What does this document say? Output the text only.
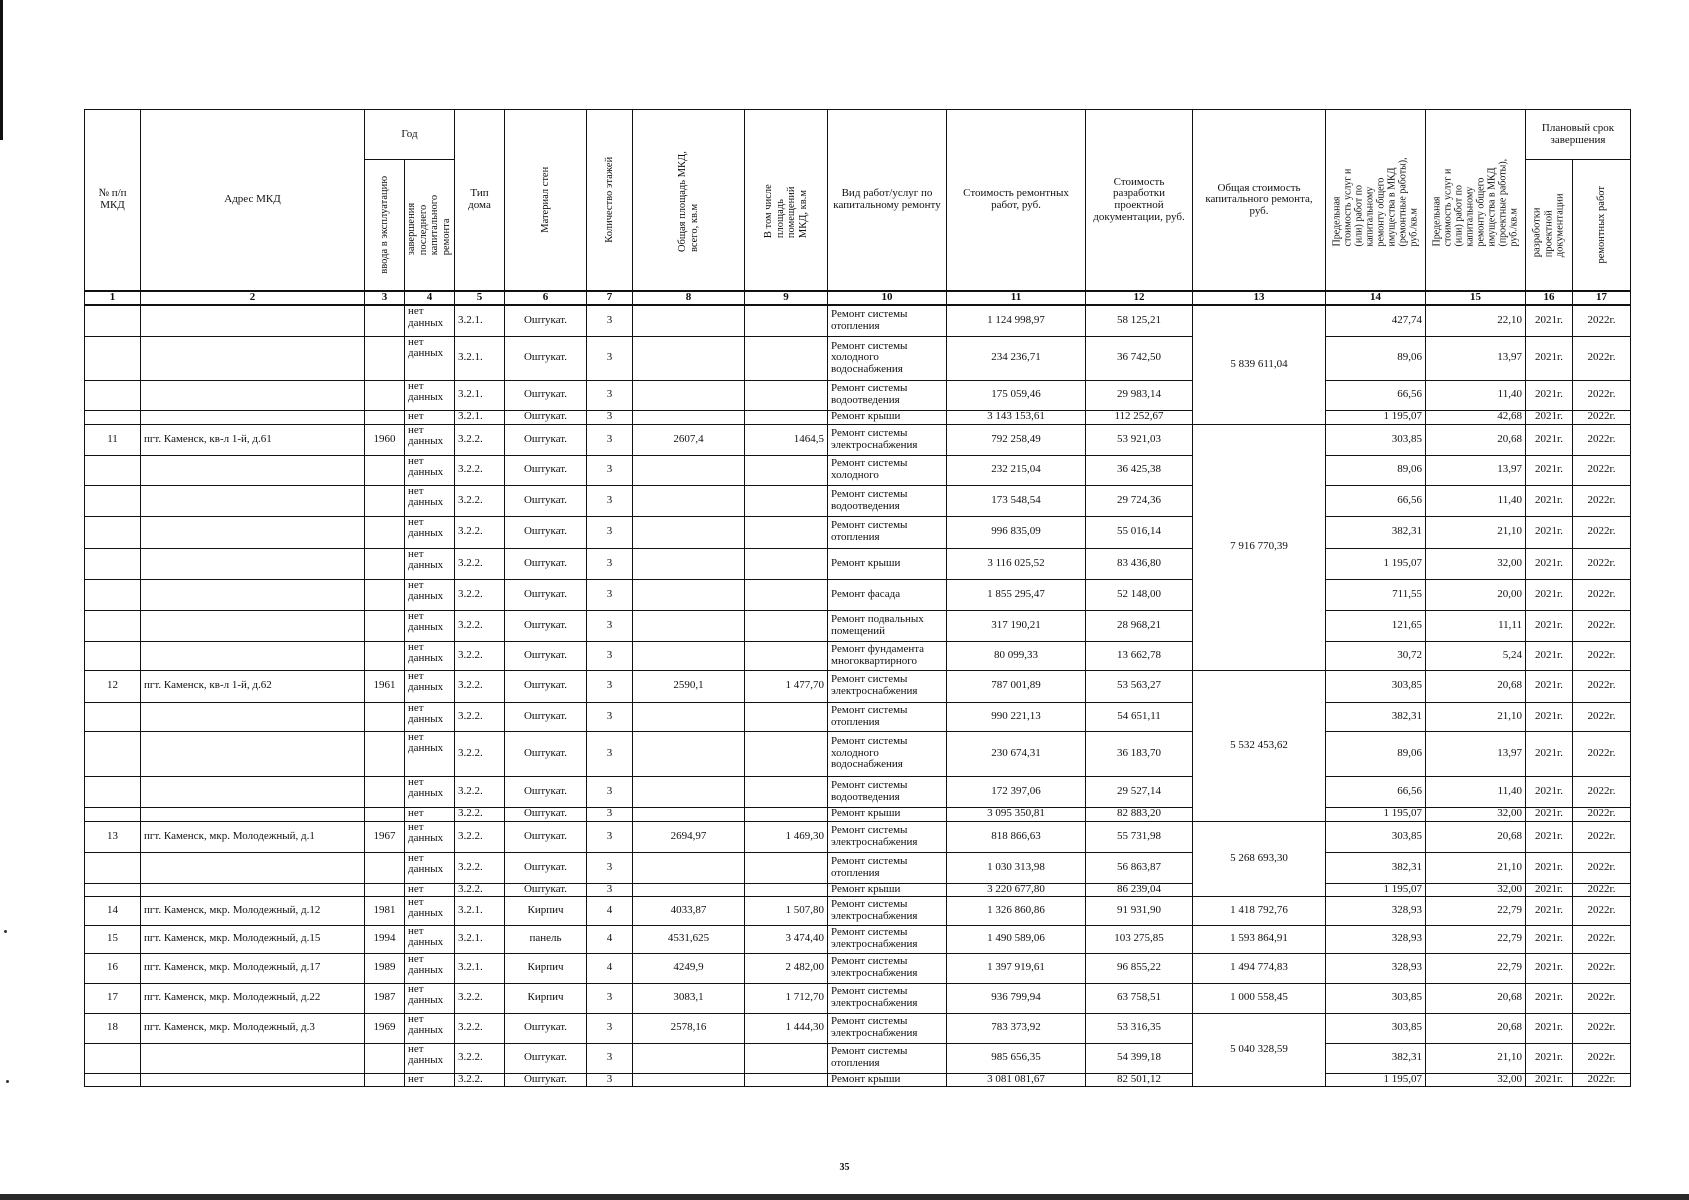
№ п/п МКД	Адрес МКД	Год		Тип дома	Материал стен	Количество этажей	Общая площадь МКД, всего, кв.м	В том числе площадь помещений МКД, кв.м	Вид работ/услуг по капитальному ремонту	Стоимость ремонтных работ, руб.	Стоимость разработки проектной документации, руб.	Общая стоимость капитального ремонта, руб.	Предельная стоимость услуг и (или) работ по капитальному ремонту общего имущества в МКД (ремонтные работы), руб./кв.м	Предельная стоимость услуг и (или) работ по капитальному ремонту общего имущества в МКД (проектные работы), руб./кв.м	Плановый срок завершения	

		ввода в эксплуатацию	завершения последнего капитального ремонта												разработки проектной документации	ремонтных работ

1	2	3	4	5	6	7	8	9	10	11	12	13	14	15	16	17
			нет данных	3.2.1.	Оштукат.	3			Ремонт системы отопления	1 124 998,97	58 125,21	5 839 611,04	427,74	22,10	2021г.	2022г.
			нет данных	3.2.1.	Оштукат.	3			Ремонт системы холодного водоснабжения	234 236,71	36 742,50		89,06	13,97	2021г.	2022г.
			нет данных	3.2.1.	Оштукат.	3			Ремонт системы водоотведения	175 059,46	29 983,14		66,56	11,40	2021г.	2022г.
			нет	3.2.1.	Оштукат.	3			Ремонт крыши	3 143 153,61	112 252,67		1 195,07	42,68	2021г.	2022г.
11	пгт. Каменск, кв-л 1-й, д.61	1960	нет данных	3.2.2.	Оштукат.	3	2607,4	1464,5	Ремонт системы электроснабжения	792 258,49	53 921,03	7 916 770,39	303,85	20,68	2021г.	2022г.
			нет данных	3.2.2.	Оштукат.	3			Ремонт системы холодного	232 215,04	36 425,38		89,06	13,97	2021г.	2022г.
			нет данных	3.2.2.	Оштукат.	3			Ремонт системы водоотведения	173 548,54	29 724,36		66,56	11,40	2021г.	2022г.
			нет данных	3.2.2.	Оштукат.	3			Ремонт системы отопления	996 835,09	55 016,14		382,31	21,10	2021г.	2022г.
			нет данных	3.2.2.	Оштукат.	3			Ремонт крыши	3 116 025,52	83 436,80		1 195,07	32,00	2021г.	2022г.
			нет данных	3.2.2.	Оштукат.	3			Ремонт фасада	1 855 295,47	52 148,00		711,55	20,00	2021г.	2022г.
			нет данных	3.2.2.	Оштукат.	3			Ремонт подвальных помещений	317 190,21	28 968,21		121,65	11,11	2021г.	2022г.
			нет данных	3.2.2.	Оштукат.	3			Ремонт фундамента многоквартирного	80 099,33	13 662,78		30,72	5,24	2021г.	2022г.
12	пгт. Каменск, кв-л 1-й, д.62	1961	нет данных	3.2.2.	Оштукат.	3	2590,1	1 477,70	Ремонт системы электроснабжения	787 001,89	53 563,27	5 532 453,62	303,85	20,68	2021г.	2022г.
			нет данных	3.2.2.	Оштукат.	3			Ремонт системы отопления	990 221,13	54 651,11		382,31	21,10	2021г.	2022г.
			нет данных	3.2.2.	Оштукат.	3			Ремонт системы холодного водоснабжения	230 674,31	36 183,70		89,06	13,97	2021г.	2022г.
			нет данных	3.2.2.	Оштукат.	3			Ремонт системы водоотведения	172 397,06	29 527,14		66,56	11,40	2021г.	2022г.
			нет	3.2.2.	Оштукат.	3			Ремонт крыши	3 095 350,81	82 883,20		1 195,07	32,00	2021г.	2022г.
13	пгт. Каменск, мкр. Молодежный, д.1	1967	нет данных	3.2.2.	Оштукат.	3	2694,97	1 469,30	Ремонт системы электроснабжения	818 866,63	55 731,98	5 268 693,30	303,85	20,68	2021г.	2022г.
			нет данных	3.2.2.	Оштукат.	3			Ремонт системы отопления	1 030 313,98	56 863,87		382,31	21,10	2021г.	2022г.
			нет	3.2.2.	Оштукат.	3			Ремонт крыши	3 220 677,80	86 239,04		1 195,07	32,00	2021г.	2022г.
14	пгт. Каменск, мкр. Молодежный, д.12	1981	нет данных	3.2.1.	Кирпич	4	4033,87	1 507,80	Ремонт системы электроснабжения	1 326 860,86	91 931,90	1 418 792,76	328,93	22,79	2021г.	2022г.
15	пгт. Каменск, мкр. Молодежный, д.15	1994	нет данных	3.2.1.	панель	4	4531,625	3 474,40	Ремонт системы электроснабжения	1 490 589,06	103 275,85	1 593 864,91	328,93	22,79	2021г.	2022г.
16	пгт. Каменск, мкр. Молодежный, д.17	1989	нет данных	3.2.1.	Кирпич	4	4249,9	2 482,00	Ремонт системы электроснабжения	1 397 919,61	96 855,22	1 494 774,83	328,93	22,79	2021г.	2022г.
17	пгт. Каменск, мкр. Молодежный, д.22	1987	нет данных	3.2.2.	Кирпич	3	3083,1	1 712,70	Ремонт системы электроснабжения	936 799,94	63 758,51	1 000 558,45	303,85	20,68	2021г.	2022г.
18	пгт. Каменск, мкр. Молодежный, д.3	1969	нет данных	3.2.2.	Оштукат.	3	2578,16	1 444,30	Ремонт системы электроснабжения	783 373,92	53 316,35	5 040 328,59	303,85	20,68	2021г.	2022г.
			нет данных	3.2.2.	Оштукат.	3			Ремонт системы отопления	985 656,35	54 399,18		382,31	21,10	2021г.	2022г.
			нет	3.2.2.	Оштукат.	3			Ремонт крыши	3 081 081,67	82 501,12		1 195,07	32,00	2021г.	2022г.
35
